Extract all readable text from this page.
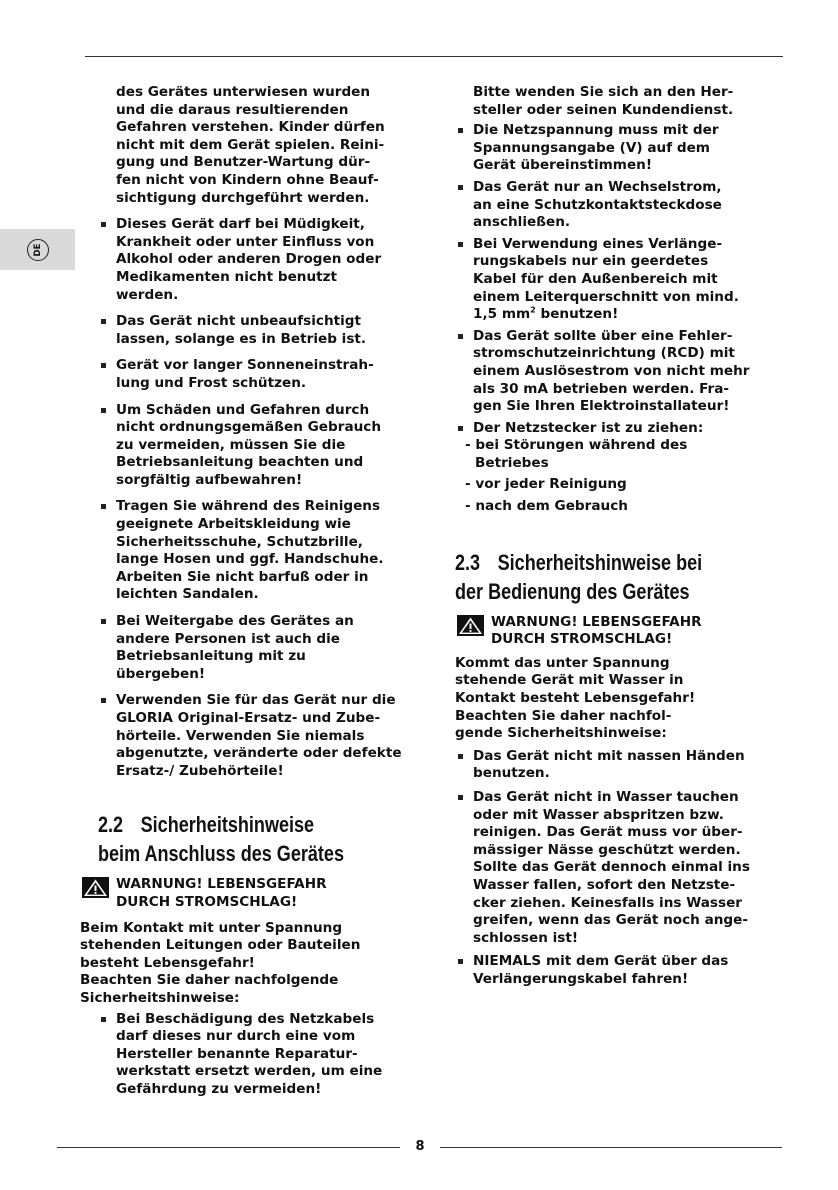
DE
des Gerätes unterwiesen wurden
und die daraus resultierenden
Gefahren verstehen. Kinder dürfen
nicht mit dem Gerät spielen. Reini-
gung und Benutzer-Wartung dür-
fen nicht von Kindern ohne Beauf-
sichtigung durchgeführt werden.
Dieses Gerät darf bei Müdigkeit,
Krankheit oder unter Einfluss von
Alkohol oder anderen Drogen oder
Medikamenten nicht benutzt
werden.
Das Gerät nicht unbeaufsichtigt
lassen, solange es in Betrieb ist.
Gerät vor langer Sonneneinstrah-
lung und Frost schützen.
Um Schäden und Gefahren durch
nicht ordnungsgemäßen Gebrauch
zu vermeiden, müssen Sie die
Betriebsanleitung beachten und
sorgfältig aufbewahren!
Tragen Sie während des Reinigens
geeignete Arbeitskleidung wie
Sicherheitsschuhe, Schutzbrille,
lange Hosen und ggf. Handschuhe.
Arbeiten Sie nicht barfuß oder in
leichten Sandalen.
Bei Weitergabe des Gerätes an
andere Personen ist auch die
Betriebsanleitung mit zu
übergeben!
Verwenden Sie für das Gerät nur die
GLORIA Original-Ersatz- und Zube-
hörteile. Verwenden Sie niemals
abgenutzte, veränderte oder defekte
Ersatz-/ Zubehörteile!
2.2 Sicherheitshinweise
beim Anschluss des Gerätes
WARNUNG! LEBENSGEFAHR
DURCH STROMSCHLAG!
Beim Kontakt mit unter Spannung
stehenden Leitungen oder Bauteilen
besteht Lebensgefahr!
Beachten Sie daher nachfolgende
Sicherheitshinweise:
Bei Beschädigung des Netzkabels
darf dieses nur durch eine vom
Hersteller benannte Reparatur-
werkstatt ersetzt werden, um eine
Gefährdung zu vermeiden!
Bitte wenden Sie sich an den Her-
steller oder seinen Kundendienst.
Die Netzspannung muss mit der
Spannungsangabe (V) auf dem
Gerät übereinstimmen!
Das Gerät nur an Wechselstrom,
an eine Schutzkontaktsteckdose
anschließen.
Bei Verwendung eines Verlänge-
rungskabels nur ein geerdetes
Kabel für den Außenbereich mit
einem Leiterquerschnitt von mind.
1,5 $mm^2$ benutzen!
Das Gerät sollte über eine Fehler-
stromschutzeinrichtung (RCD) mit
einem Auslösestrom von nicht mehr
als 30 mA betrieben werden. Fra-
gen Sie Ihren Elektroinstallateur!
Der Netzstecker ist zu ziehen:
- bei Störungen während des
Betriebes
- vor jeder Reinigung
- nach dem Gebrauch
2.3 Sicherheitshinweise bei
der Bedienung des Gerätes
WARNUNG! LEBENSGEFAHR
DURCH STROMSCHLAG!
Kommt das unter Spannung
stehende Gerät mit Wasser in
Kontakt besteht Lebensgefahr!
Beachten Sie daher nachfol-
gende Sicherheitshinweise:
Das Gerät nicht mit nassen Händen
benutzen.
Das Gerät nicht in Wasser tauchen
oder mit Wasser abspritzen bzw.
reinigen. Das Gerät muss vor über-
mässiger Nässe geschützt werden.
Sollte das Gerät dennoch einmal ins
Wasser fallen, sofort den Netzste-
cker ziehen. Keinesfalls ins Wasser
greifen, wenn das Gerät noch ange-
schlossen ist!
NIEMALS mit dem Gerät über das
Verlängerungskabel fahren!
8
